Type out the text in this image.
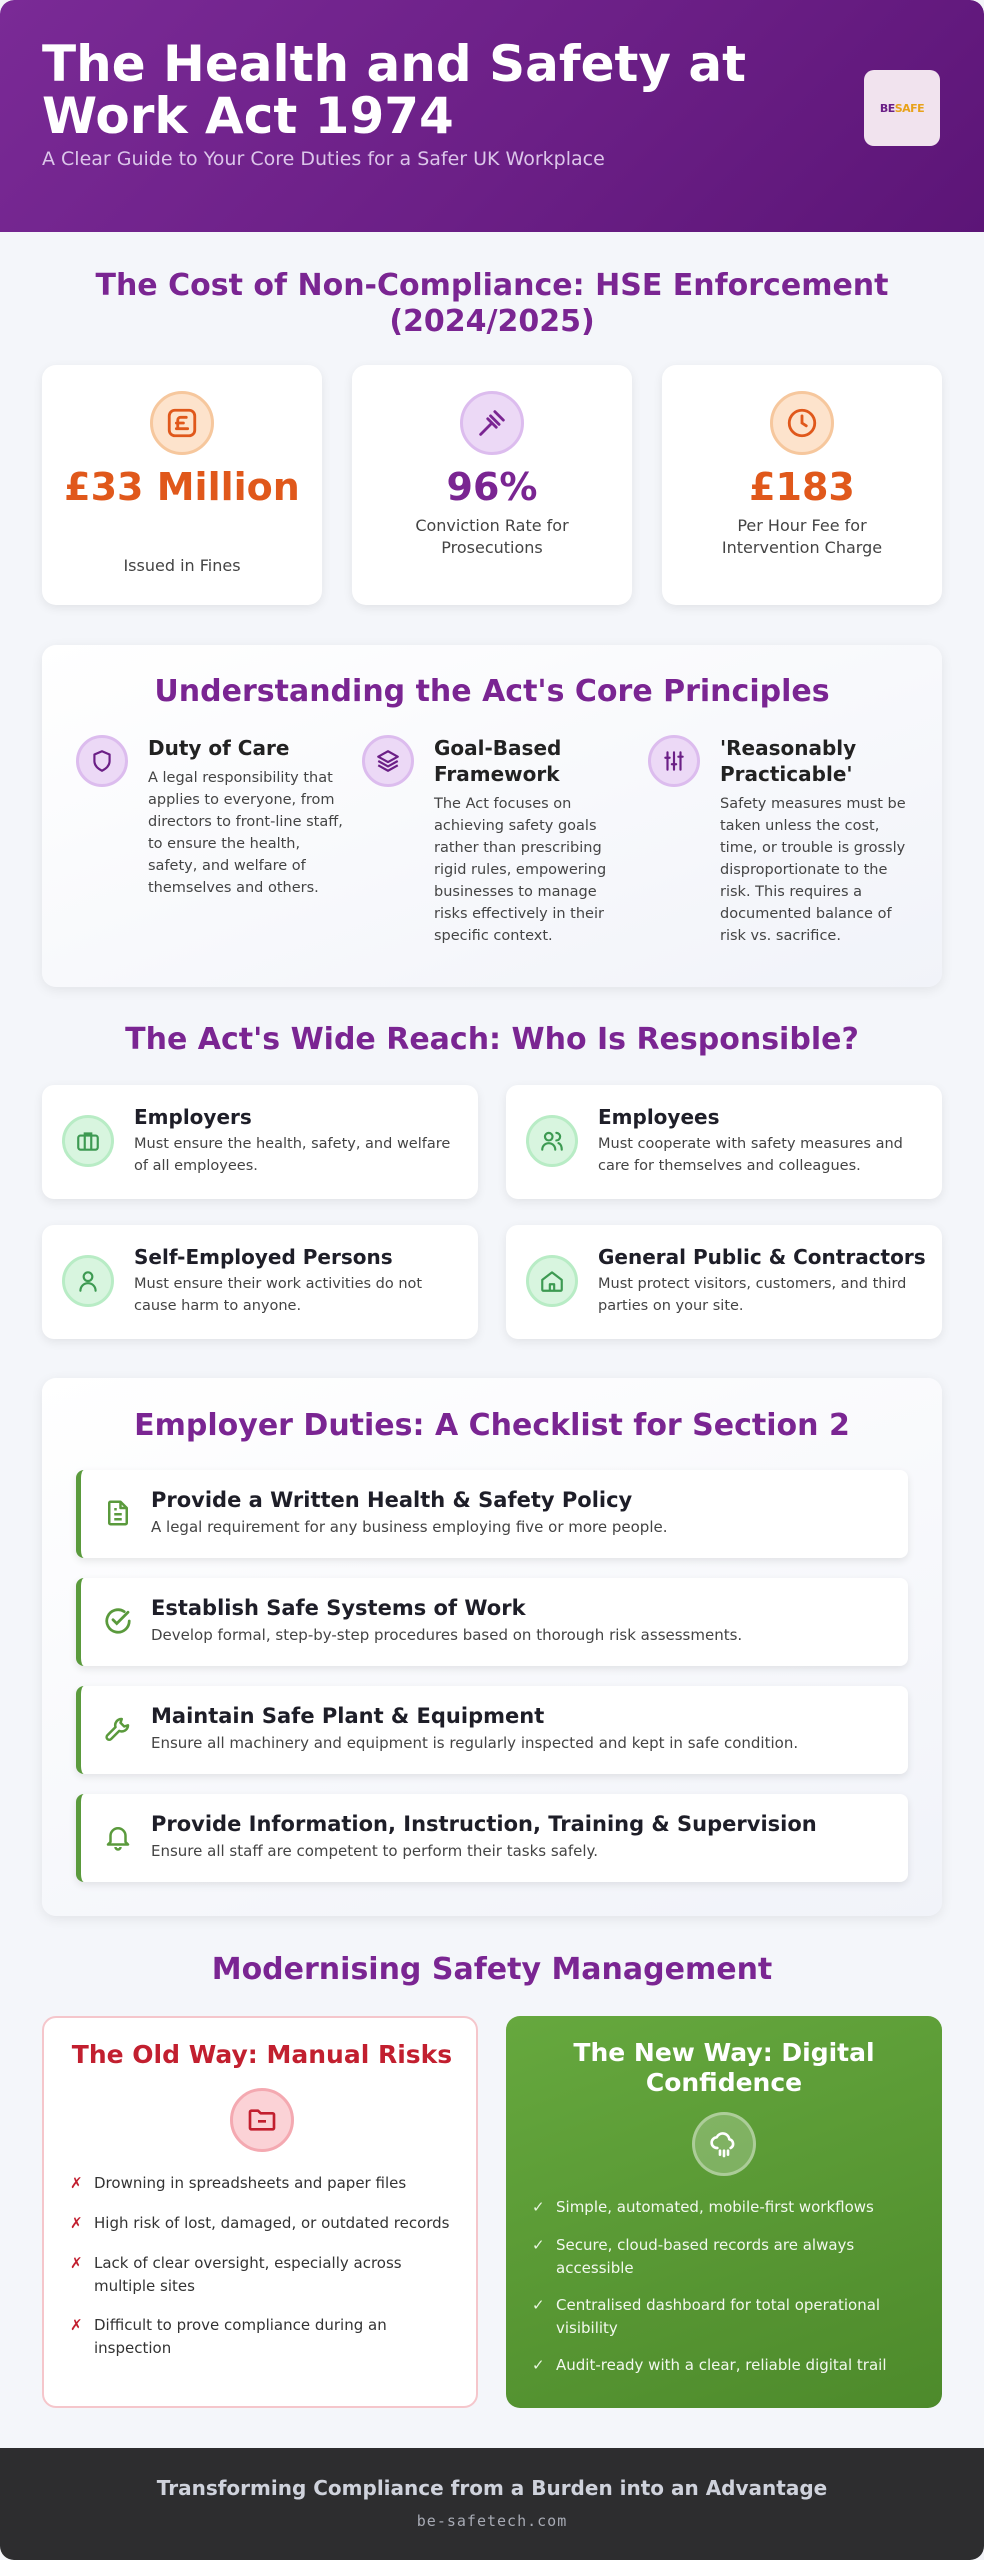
The Health and Safety at Work Act 1974
A Clear Guide to Your Core Duties for a Safer UK Workplace
BESAFE
The Cost of Non-Compliance: HSE Enforcement (2024/2025)
£33 Million
Issued in Fines
96%
Conviction Rate for Prosecutions
£183
Per Hour Fee for Intervention Charge
Understanding the Act's Core Principles
Duty of Care
A legal responsibility that applies to everyone, from directors to front-line staff, to ensure the health, safety, and welfare of themselves and others.
Goal-Based Framework
The Act focuses on achieving safety goals rather than prescribing rigid rules, empowering businesses to manage risks effectively in their specific context.
'Reasonably Practicable'
Safety measures must be taken unless the cost, time, or trouble is grossly disproportionate to the risk. This requires a documented balance of risk vs. sacrifice.
The Act's Wide Reach: Who Is Responsible?
Employers
Must ensure the health, safety, and welfare of all employees.
Employees
Must cooperate with safety measures and care for themselves and colleagues.
Self-Employed Persons
Must ensure their work activities do not cause harm to anyone.
General Public & Contractors
Must protect visitors, customers, and third parties on your site.
Employer Duties: A Checklist for Section 2
Provide a Written Health & Safety Policy
A legal requirement for any business employing five or more people.
Establish Safe Systems of Work
Develop formal, step-by-step procedures based on thorough risk assessments.
Maintain Safe Plant & Equipment
Ensure all machinery and equipment is regularly inspected and kept in safe condition.
Provide Information, Instruction, Training & Supervision
Ensure all staff are competent to perform their tasks safely.
Modernising Safety Management
The Old Way: Manual Risks
✗ Drowning in spreadsheets and paper files
✗ High risk of lost, damaged, or outdated records
✗ Lack of clear oversight, especially across multiple sites
✗ Difficult to prove compliance during an inspection
The New Way: Digital Confidence
✓ Simple, automated, mobile-first workflows
✓ Secure, cloud-based records are always accessible
✓ Centralised dashboard for total operational visibility
✓ Audit-ready with a clear, reliable digital trail
Transforming Compliance from a Burden into an Advantage
be-safetech.com
